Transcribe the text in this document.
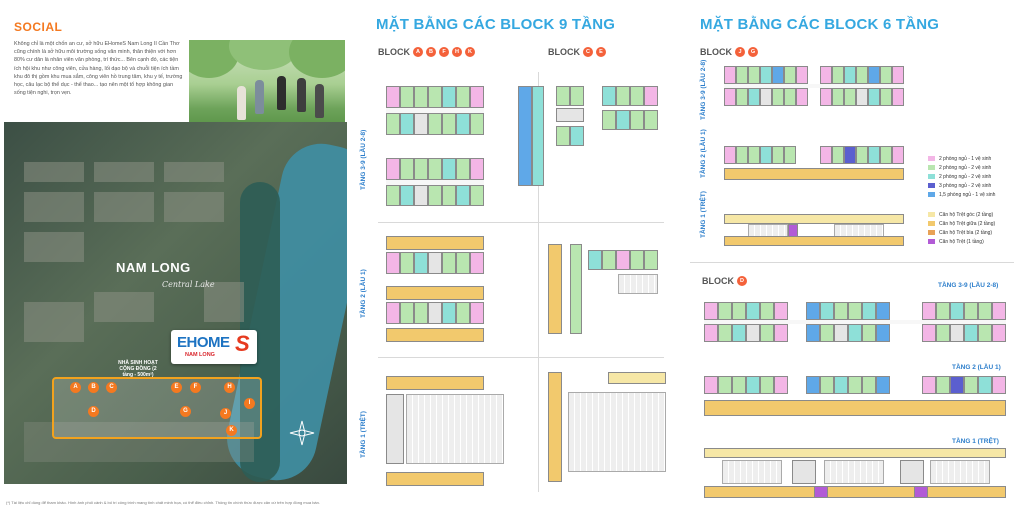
SOCIAL
Không chỉ là một chốn an cư, sở hữu EHomeS Nam Long II Cần Thơ cũng chính là sở hữu môi trường sống văn minh, thân thiện với hơn 80% cư dân là nhân viên văn phòng, trí thức... Bên cạnh đó, các tiện ích hội khu như công viên, cửa hàng, lối dạo bộ và chuỗi tiện ích tầm khu đô thị gồm khu mua sắm, công viên hồ trung tâm, khu y tế, trường học, câu lạc bộ thể dục - thể thao... tạo nên một tổ hợp không gian sống tiện nghi, trọn vẹn.
NAM LONG
Central Lake
EHOME S
NAM LONG
NHÀ SINH HOẠT CỘNG ĐỒNG (2 tầng - 500m²)
A	B	C
D
E	F
G
H
I
J
K
(*) Tài liệu chỉ dùng để tham khảo. Hình ảnh phối cảnh & bố trí công trình mang tính chất minh họa, có thể điều chỉnh. Thông tin chính thức được căn cứ trên hợp đồng mua bán.
MẶT BẰNG CÁC BLOCK 9 TẦNG
BLOCK	A	B	F	H	K	BLOCK	C	E
TẦNG 3-9 (LẦU 2-8)
TẦNG 2 (LẦU 1)
TẦNG 1 (TRỆT)
MẶT BẰNG CÁC BLOCK 6 TẦNG
BLOCK	J	G
TẦNG 3-9 (LẦU 2-8)
TẦNG 2 (LẦU 1)
TẦNG 1 (TRỆT)
2 phòng ngủ - 1 vệ sinh
2 phòng ngủ - 2 vệ sinh
2 phòng ngủ - 2 vệ sinh
3 phòng ngủ - 2 vệ sinh
1,5 phòng ngủ - 1 vệ sinh
Căn hộ Trệt góc (2 tầng)
Căn hộ Trệt giữa (2 tầng)
Căn hộ Trệt bìa (2 tầng)
Căn hộ Trệt (1 tầng)
BLOCK	D
TẦNG 3-9 (LẦU 2-8)
TẦNG 2 (LẦU 1)
TẦNG 1 (TRỆT)
